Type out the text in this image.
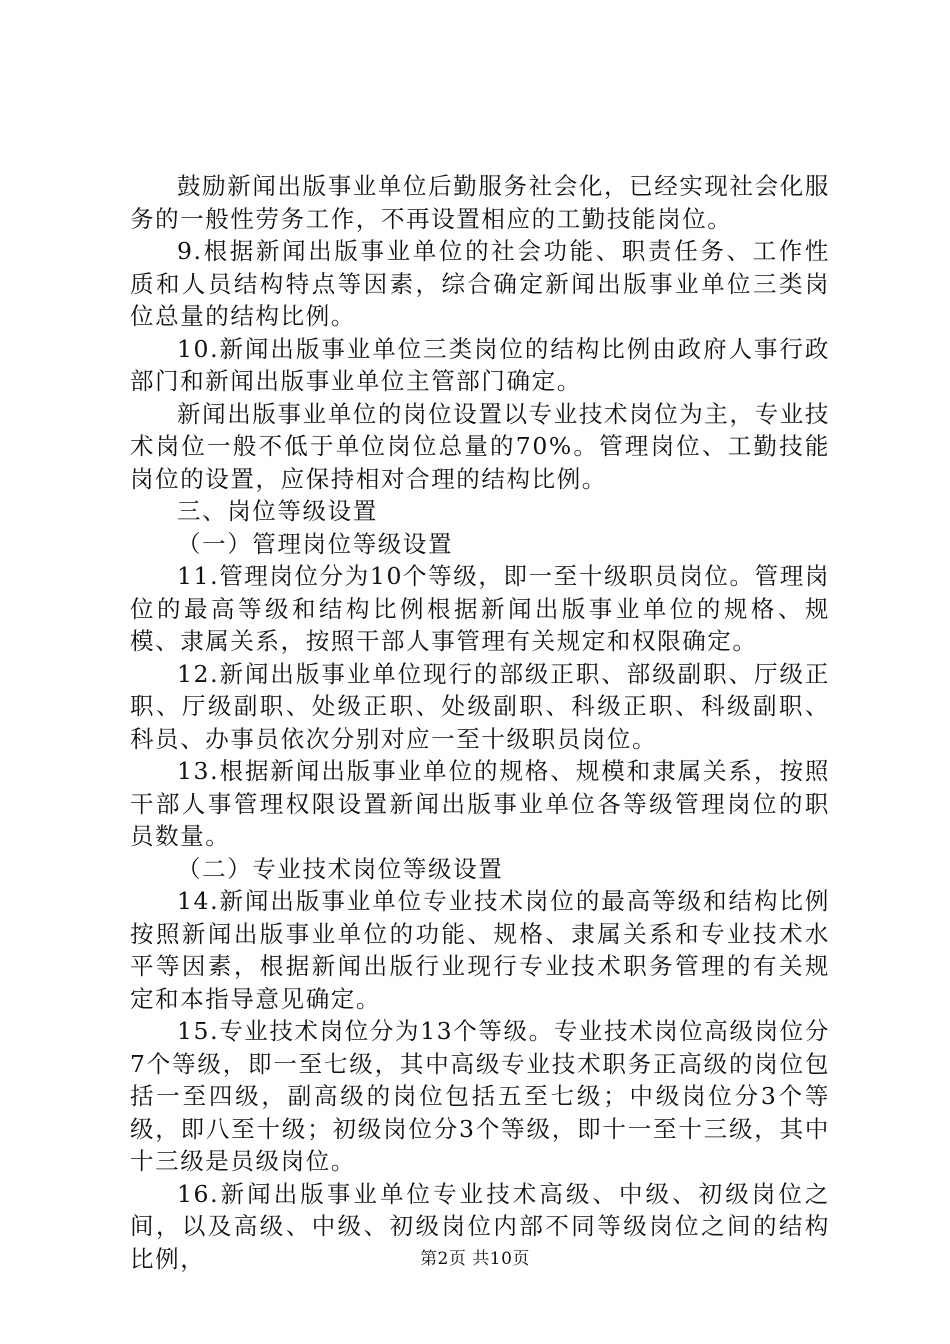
鼓励新闻出版事业单位后勤服务社会化，已经实现社会化服务的一般性劳务工作，不再设置相应的工勤技能岗位。

9.根据新闻出版事业单位的社会功能、职责任务、工作性质和人员结构特点等因素，综合确定新闻出版事业单位三类岗位总量的结构比例。

10.新闻出版事业单位三类岗位的结构比例由政府人事行政部门和新闻出版事业单位主管部门确定。

新闻出版事业单位的岗位设置以专业技术岗位为主，专业技术岗位一般不低于单位岗位总量的70%。管理岗位、工勤技能岗位的设置，应保持相对合理的结构比例。

三、岗位等级设置

（一）管理岗位等级设置

11.管理岗位分为10个等级，即一至十级职员岗位。管理岗位的最高等级和结构比例根据新闻出版事业单位的规格、规模、隶属关系，按照干部人事管理有关规定和权限确定。

12.新闻出版事业单位现行的部级正职、部级副职、厅级正职、厅级副职、处级正职、处级副职、科级正职、科级副职、科员、办事员依次分别对应一至十级职员岗位。

13.根据新闻出版事业单位的规格、规模和隶属关系，按照干部人事管理权限设置新闻出版事业单位各等级管理岗位的职员数量。

（二）专业技术岗位等级设置

14.新闻出版事业单位专业技术岗位的最高等级和结构比例按照新闻出版事业单位的功能、规格、隶属关系和专业技术水平等因素，根据新闻出版行业现行专业技术职务管理的有关规定和本指导意见确定。

15.专业技术岗位分为13个等级。专业技术岗位高级岗位分7个等级，即一至七级，其中高级专业技术职务正高级的岗位包括一至四级，副高级的岗位包括五至七级；中级岗位分3个等级，即八至十级；初级岗位分3个等级，即十一至十三级，其中十三级是员级岗位。

16.新闻出版事业单位专业技术高级、中级、初级岗位之间，以及高级、中级、初级岗位内部不同等级岗位之间的结构比例，	第2页 共10页
